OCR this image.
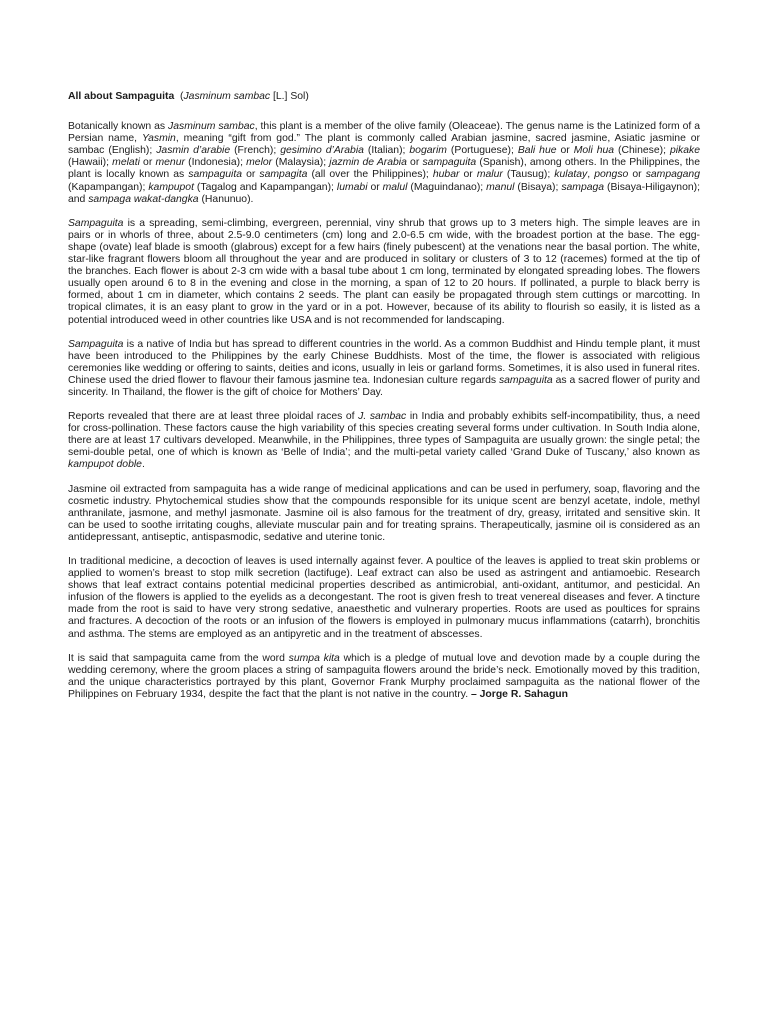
All about Sampaguita (Jasminum sambac [L.] Sol)

Botanically known as Jasminum sambac, this plant is a member of the olive family (Oleaceae). The genus name is the Latinized form of a Persian name, Yasmin, meaning “gift from god.” The plant is commonly called Arabian jasmine, sacred jasmine, Asiatic jasmine or sambac (English); Jasmin d’arabie (French); gesimino d’Arabia (Italian); bogarim (Portuguese); Bali hue or Moli hua (Chinese); pikake (Hawaii); melati or menur (Indonesia); melor (Malaysia); jazmin de Arabia or sampaguita (Spanish), among others. In the Philippines, the plant is locally known as sampaguita or sampagita (all over the Philippines); hubar or malur (Tausug); kulatay, pongso or sampagang (Kapampangan); kampupot (Tagalog and Kapampangan); lumabi or malul (Maguindanao); manul (Bisaya); sampaga (Bisaya-Hiligaynon); and sampaga wakat-dangka (Hanunuo).

Sampaguita is a spreading, semi-climbing, evergreen, perennial, viny shrub that grows up to 3 meters high. The simple leaves are in pairs or in whorls of three, about 2.5-9.0 centimeters (cm) long and 2.0-6.5 cm wide, with the broadest portion at the base. The egg-shape (ovate) leaf blade is smooth (glabrous) except for a few hairs (finely pubescent) at the venations near the basal portion. The white, star-like fragrant flowers bloom all throughout the year and are produced in solitary or clusters of 3 to 12 (racemes) formed at the tip of the branches. Each flower is about 2-3 cm wide with a basal tube about 1 cm long, terminated by elongated spreading lobes. The flowers usually open around 6 to 8 in the evening and close in the morning, a span of 12 to 20 hours. If pollinated, a purple to black berry is formed, about 1 cm in diameter, which contains 2 seeds. The plant can easily be propagated through stem cuttings or marcotting. In tropical climates, it is an easy plant to grow in the yard or in a pot. However, because of its ability to flourish so easily, it is listed as a potential introduced weed in other countries like USA and is not recommended for landscaping.

Sampaguita is a native of India but has spread to different countries in the world. As a common Buddhist and Hindu temple plant, it must have been introduced to the Philippines by the early Chinese Buddhists. Most of the time, the flower is associated with religious ceremonies like wedding or offering to saints, deities and icons, usually in leis or garland forms. Sometimes, it is also used in funeral rites. Chinese used the dried flower to flavour their famous jasmine tea. Indonesian culture regards sampaguita as a sacred flower of purity and sincerity. In Thailand, the flower is the gift of choice for Mothers’ Day.

Reports revealed that there are at least three ploidal races of J. sambac in India and probably exhibits self-incompatibility, thus, a need for cross-pollination. These factors cause the high variability of this species creating several forms under cultivation. In South India alone, there are at least 17 cultivars developed. Meanwhile, in the Philippines, three types of Sampaguita are usually grown: the single petal; the semi-double petal, one of which is known as ‘Belle of India’; and the multi-petal variety called ‘Grand Duke of Tuscany,’ also known as kampupot doble.

Jasmine oil extracted from sampaguita has a wide range of medicinal applications and can be used in perfumery, soap, flavoring and the cosmetic industry. Phytochemical studies show that the compounds responsible for its unique scent are benzyl acetate, indole, methyl anthranilate, jasmone, and methyl jasmonate. Jasmine oil is also famous for the treatment of dry, greasy, irritated and sensitive skin. It can be used to soothe irritating coughs, alleviate muscular pain and for treating sprains. Therapeutically, jasmine oil is considered as an antidepressant, antiseptic, antispasmodic, sedative and uterine tonic.

In traditional medicine, a decoction of leaves is used internally against fever. A poultice of the leaves is applied to treat skin problems or applied to women’s breast to stop milk secretion (lactifuge). Leaf extract can also be used as astringent and antiamoebic. Research shows that leaf extract contains potential medicinal properties described as antimicrobial, anti-oxidant, antitumor, and pesticidal. An infusion of the flowers is applied to the eyelids as a decongestant. The root is given fresh to treat venereal diseases and fever. A tincture made from the root is said to have very strong sedative, anaesthetic and vulnerary properties. Roots are used as poultices for sprains and fractures. A decoction of the roots or an infusion of the flowers is employed in pulmonary mucus inflammations (catarrh), bronchitis and asthma. The stems are employed as an antipyretic and in the treatment of abscesses.

It is said that sampaguita came from the word sumpa kita which is a pledge of mutual love and devotion made by a couple during the wedding ceremony, where the groom places a string of sampaguita flowers around the bride’s neck. Emotionally moved by this tradition, and the unique characteristics portrayed by this plant, Governor Frank Murphy proclaimed sampaguita as the national flower of the Philippines on February 1934, despite the fact that the plant is not native in the country. – Jorge R. Sahagun
